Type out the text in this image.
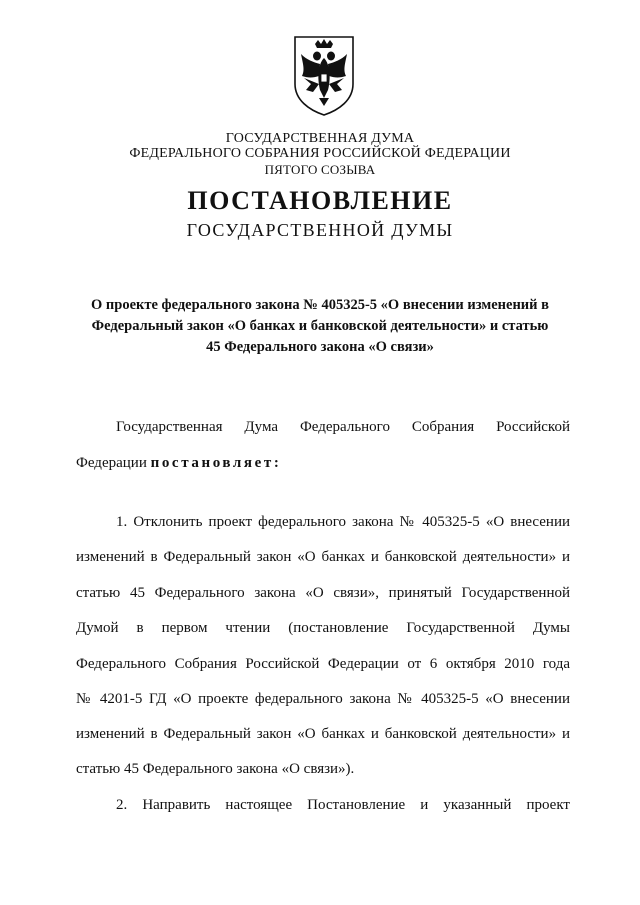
ГОСУДАРСТВЕННАЯ ДУМА
ФЕДЕРАЛЬНОГО СОБРАНИЯ РОССИЙСКОЙ ФЕДЕРАЦИИ
ПЯТОГО СОЗЫВА
ПОСТАНОВЛЕНИЕ
ГОСУДАРСТВЕННОЙ ДУМЫ
О проекте федерального закона № 405325-5 «О внесении изменений в
Федеральный закон «О банках и банковской деятельности» и статью
45 Федерального закона «О связи»
Государственная Дума Федерального Собрания Российской
Федерации постановляет:
1. Отклонить проект федерального закона № 405325-5 «О внесении
изменений в Федеральный закон «О банках и банковской деятельности» и
статью 45 Федерального закона «О связи», принятый Государственной
Думой в первом чтении (постановление Государственной Думы
Федерального Собрания Российской Федерации от 6 октября 2010 года
№ 4201-5 ГД «О проекте федерального закона № 405325-5 «О внесении
изменений в Федеральный закон «О банках и банковской деятельности» и
статью 45 Федерального закона «О связи»).
2. Направить настоящее Постановление и указанный проект
